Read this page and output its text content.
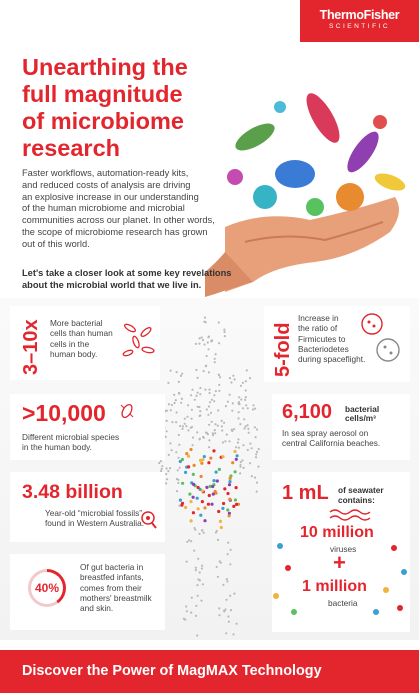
ThermoFisher
SCIENTIFIC
Unearthing the
full magnitude
of microbiome
research
Faster workflows, automation-ready kits,
and reduced costs of analysis are driving
an explosive increase in our understanding
of the human microbiome and microbial
communities across our planet. In other words,
the scope of microbiome research has grown
out of this world.
Let's take a closer look at some key revelations
about the microbial world that we live in.
3–10x More bacterial
cells than human
cells in the
human body.	5-fold
Increase in
the ratio of
Firmicutes to
Bacteriodetes
during spaceflight.
>10,000
Different microbial species
in the human body.
6,100 bacterial
cells/m³
In sea spray aerosol on
central California beaches.
3.48 billion
Year-old “microbial fossils”
found in Western Australia.
1 mL of seawater
contains:
10 million
viruses
+
1 million
bacteria
40%
Of gut bacteria in
breastfed infants,
comes from their
mothers' breastmilk
and skin.
Discover the Power of MagMAX Technology
